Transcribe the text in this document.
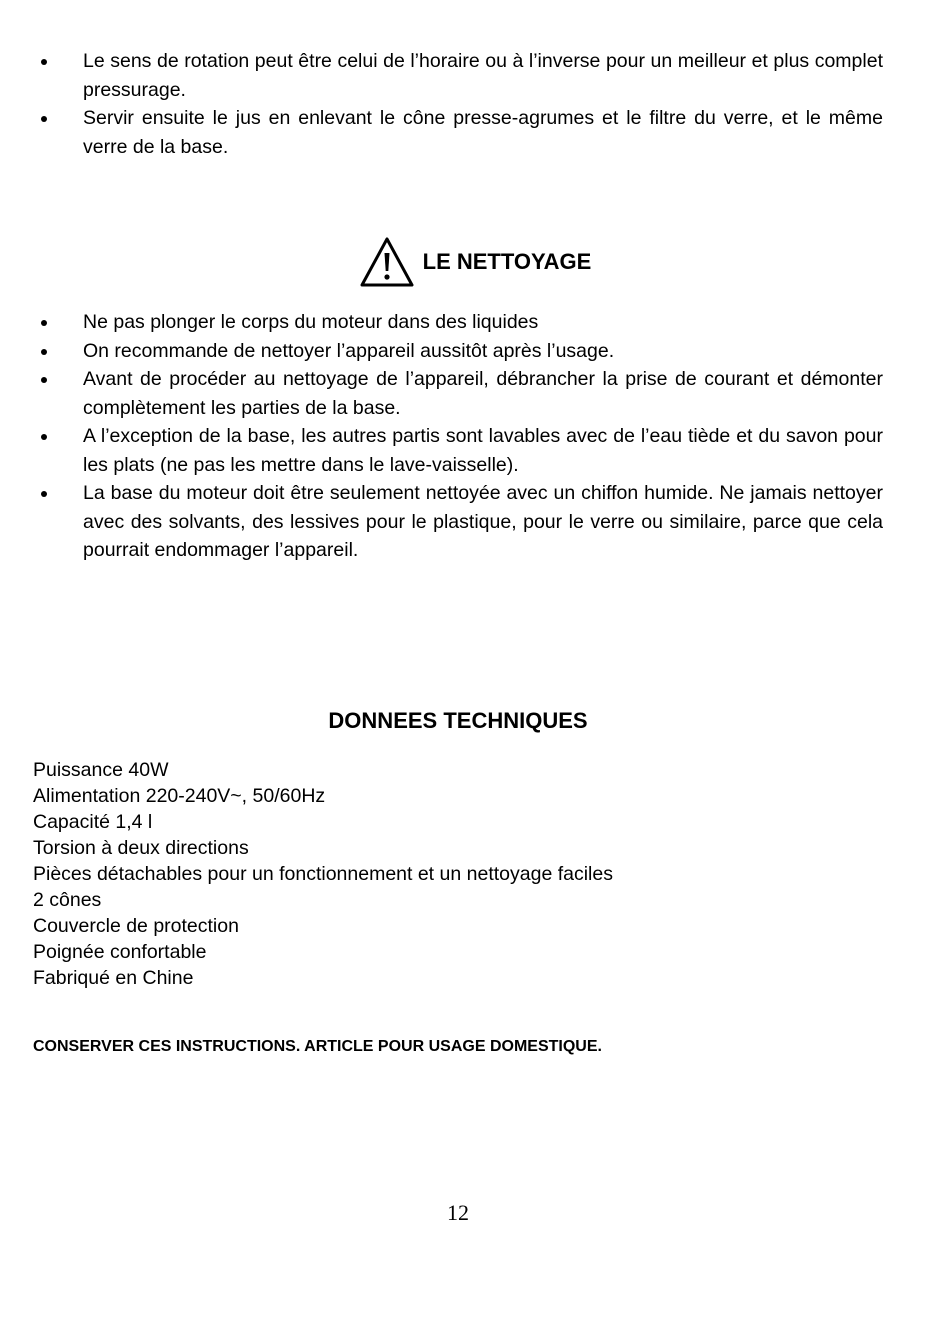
Le sens de rotation peut être celui de l’horaire ou à l’inverse pour un meilleur et plus complet pressurage.
Servir ensuite le jus en enlevant le cône presse-agrumes et le filtre du verre, et le même verre de la base.
LE NETTOYAGE
Ne pas plonger le corps du moteur dans des liquides
On recommande de nettoyer l’appareil aussitôt après l’usage.
Avant de procéder au nettoyage de l’appareil, débrancher la prise de courant et démonter complètement les parties de la base.
A l’exception de la base, les autres partis sont lavables avec de l’eau tiède et du savon pour les plats (ne pas les mettre dans le lave-vaisselle).
La base du moteur doit être seulement nettoyée avec un chiffon humide. Ne jamais nettoyer avec des solvants, des lessives pour le plastique, pour le verre ou similaire, parce que cela pourrait endommager l’appareil.
DONNEES TECHNIQUES
Puissance 40W
Alimentation 220-240V~, 50/60Hz
Capacité 1,4 l
Torsion à deux directions
Pièces détachables pour un fonctionnement et un nettoyage faciles
2 cônes
Couvercle de protection
Poignée confortable
Fabriqué en Chine

CONSERVER CES INSTRUCTIONS. ARTICLE POUR USAGE DOMESTIQUE.

12
